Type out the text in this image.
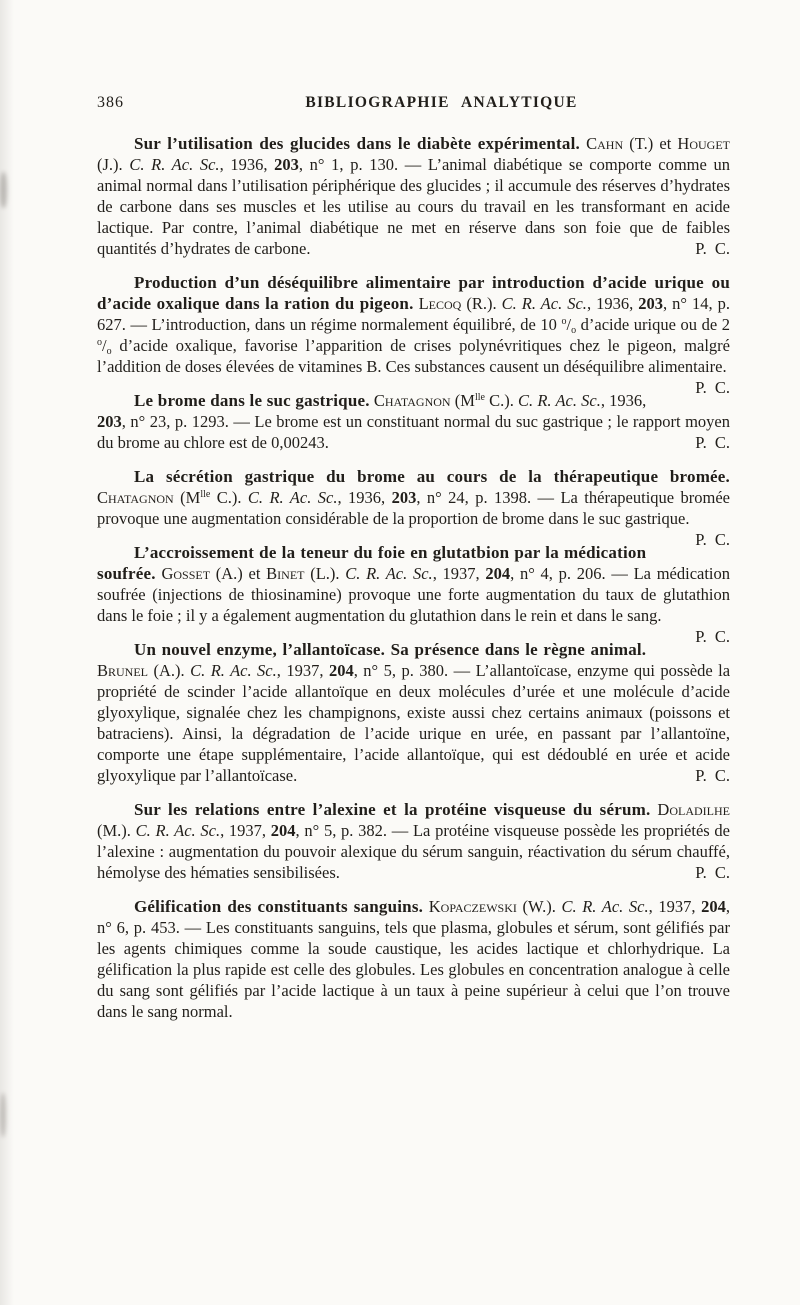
386	BIBLIOGRAPHIE ANALYTIQUE

Sur l’utilisation des glucides dans le diabète expérimental. Cahn (T.) et Houget (J.). C. R. Ac. Sc., 1936, 203, n° 1, p. 130. — L’animal diabétique se comporte comme un animal normal dans l’utilisation périphérique des glucides ; il accumule des réserves d’hydrates de carbone dans ses muscles et les utilise au cours du travail en les transformant en acide lactique. Par contre, l’animal diabétique ne met en réserve dans son foie que de faibles quantités d’hydrates de carbone.	P. C.

Production d’un déséquilibre alimentaire par introduction d’acide urique ou d’acide oxalique dans la ration du pigeon. Lecoq (R.). C. R. Ac. Sc., 1936, 203, n° 14, p. 627. — L’introduction, dans un régime normalement équilibré, de 10 $^o$/o d’acide urique ou de 2 $^o$/o d’acide oxalique, favorise l’apparition de crises polynévritiques chez le pigeon, malgré l’addition de doses élevées de vitamines B. Ces substances causent un déséquilibre alimentaire.
P. C.

Le brome dans le suc gastrique. Chatagnon ($M^{lle}$ C.). C. R. Ac. Sc., 1936, 203, n° 23, p. 1293. — Le brome est un constituant normal du suc gastrique ; le rapport moyen du brome au chlore est de 0,00243.	P. C.

La sécrétion gastrique du brome au cours de la thérapeutique bromée. Chatagnon ($M^{lle}$ C.). C. R. Ac. Sc., 1936, 203, n° 24, p. 1398. — La thérapeutique bromée provoque une augmentation considérable de la proportion de brome dans le suc gastrique.
P. C.

L’accroissement de la teneur du foie en glutatbion par la médication soufrée. Gosset (A.) et Binet (L.). C. R. Ac. Sc., 1937, 204, n° 4, p. 206. — La médication soufrée (injections de thiosinamine) provoque une forte augmentation du taux de glutathion dans le foie ; il y a également augmentation du glutathion dans le rein et dans le sang.
P. C.

Un nouvel enzyme, l’allantoïcase. Sa présence dans le règne animal. Brunel (A.). C. R. Ac. Sc., 1937, 204, n° 5, p. 380. — L’allantoïcase, enzyme qui possède la propriété de scinder l’acide allantoïque en deux molécules d’urée et une molécule d’acide glyoxylique, signalée chez les champignons, existe aussi chez certains animaux (poissons et batraciens). Ainsi, la dégradation de l’acide urique en urée, en passant par l’allantoïne, comporte une étape supplémentaire, l’acide allantoïque, qui est dédoublé en urée et acide glyoxylique par l’allantoïcase.	P. C.

Sur les relations entre l’alexine et la protéine visqueuse du sérum. Doladilhe (M.). C. R. Ac. Sc., 1937, 204, n° 5, p. 382. — La protéine visqueuse possède les propriétés de l’alexine : augmentation du pouvoir alexique du sérum sanguin, réactivation du sérum chauffé, hémolyse des hématies sensibilisées.	P. C.

Gélification des constituants sanguins. Kopaczewski (W.). C. R. Ac. Sc., 1937, 204, n° 6, p. 453. — Les constituants sanguins, tels que plasma, globules et sérum, sont gélifiés par les agents chimiques comme la soude caustique, les acides lactique et chlorhydrique. La gélification la plus rapide est celle des globules. Les globules en concentration analogue à celle du sang sont gélifiés par l’acide lactique à un taux à peine supérieur à celui que l’on trouve dans le sang normal.
